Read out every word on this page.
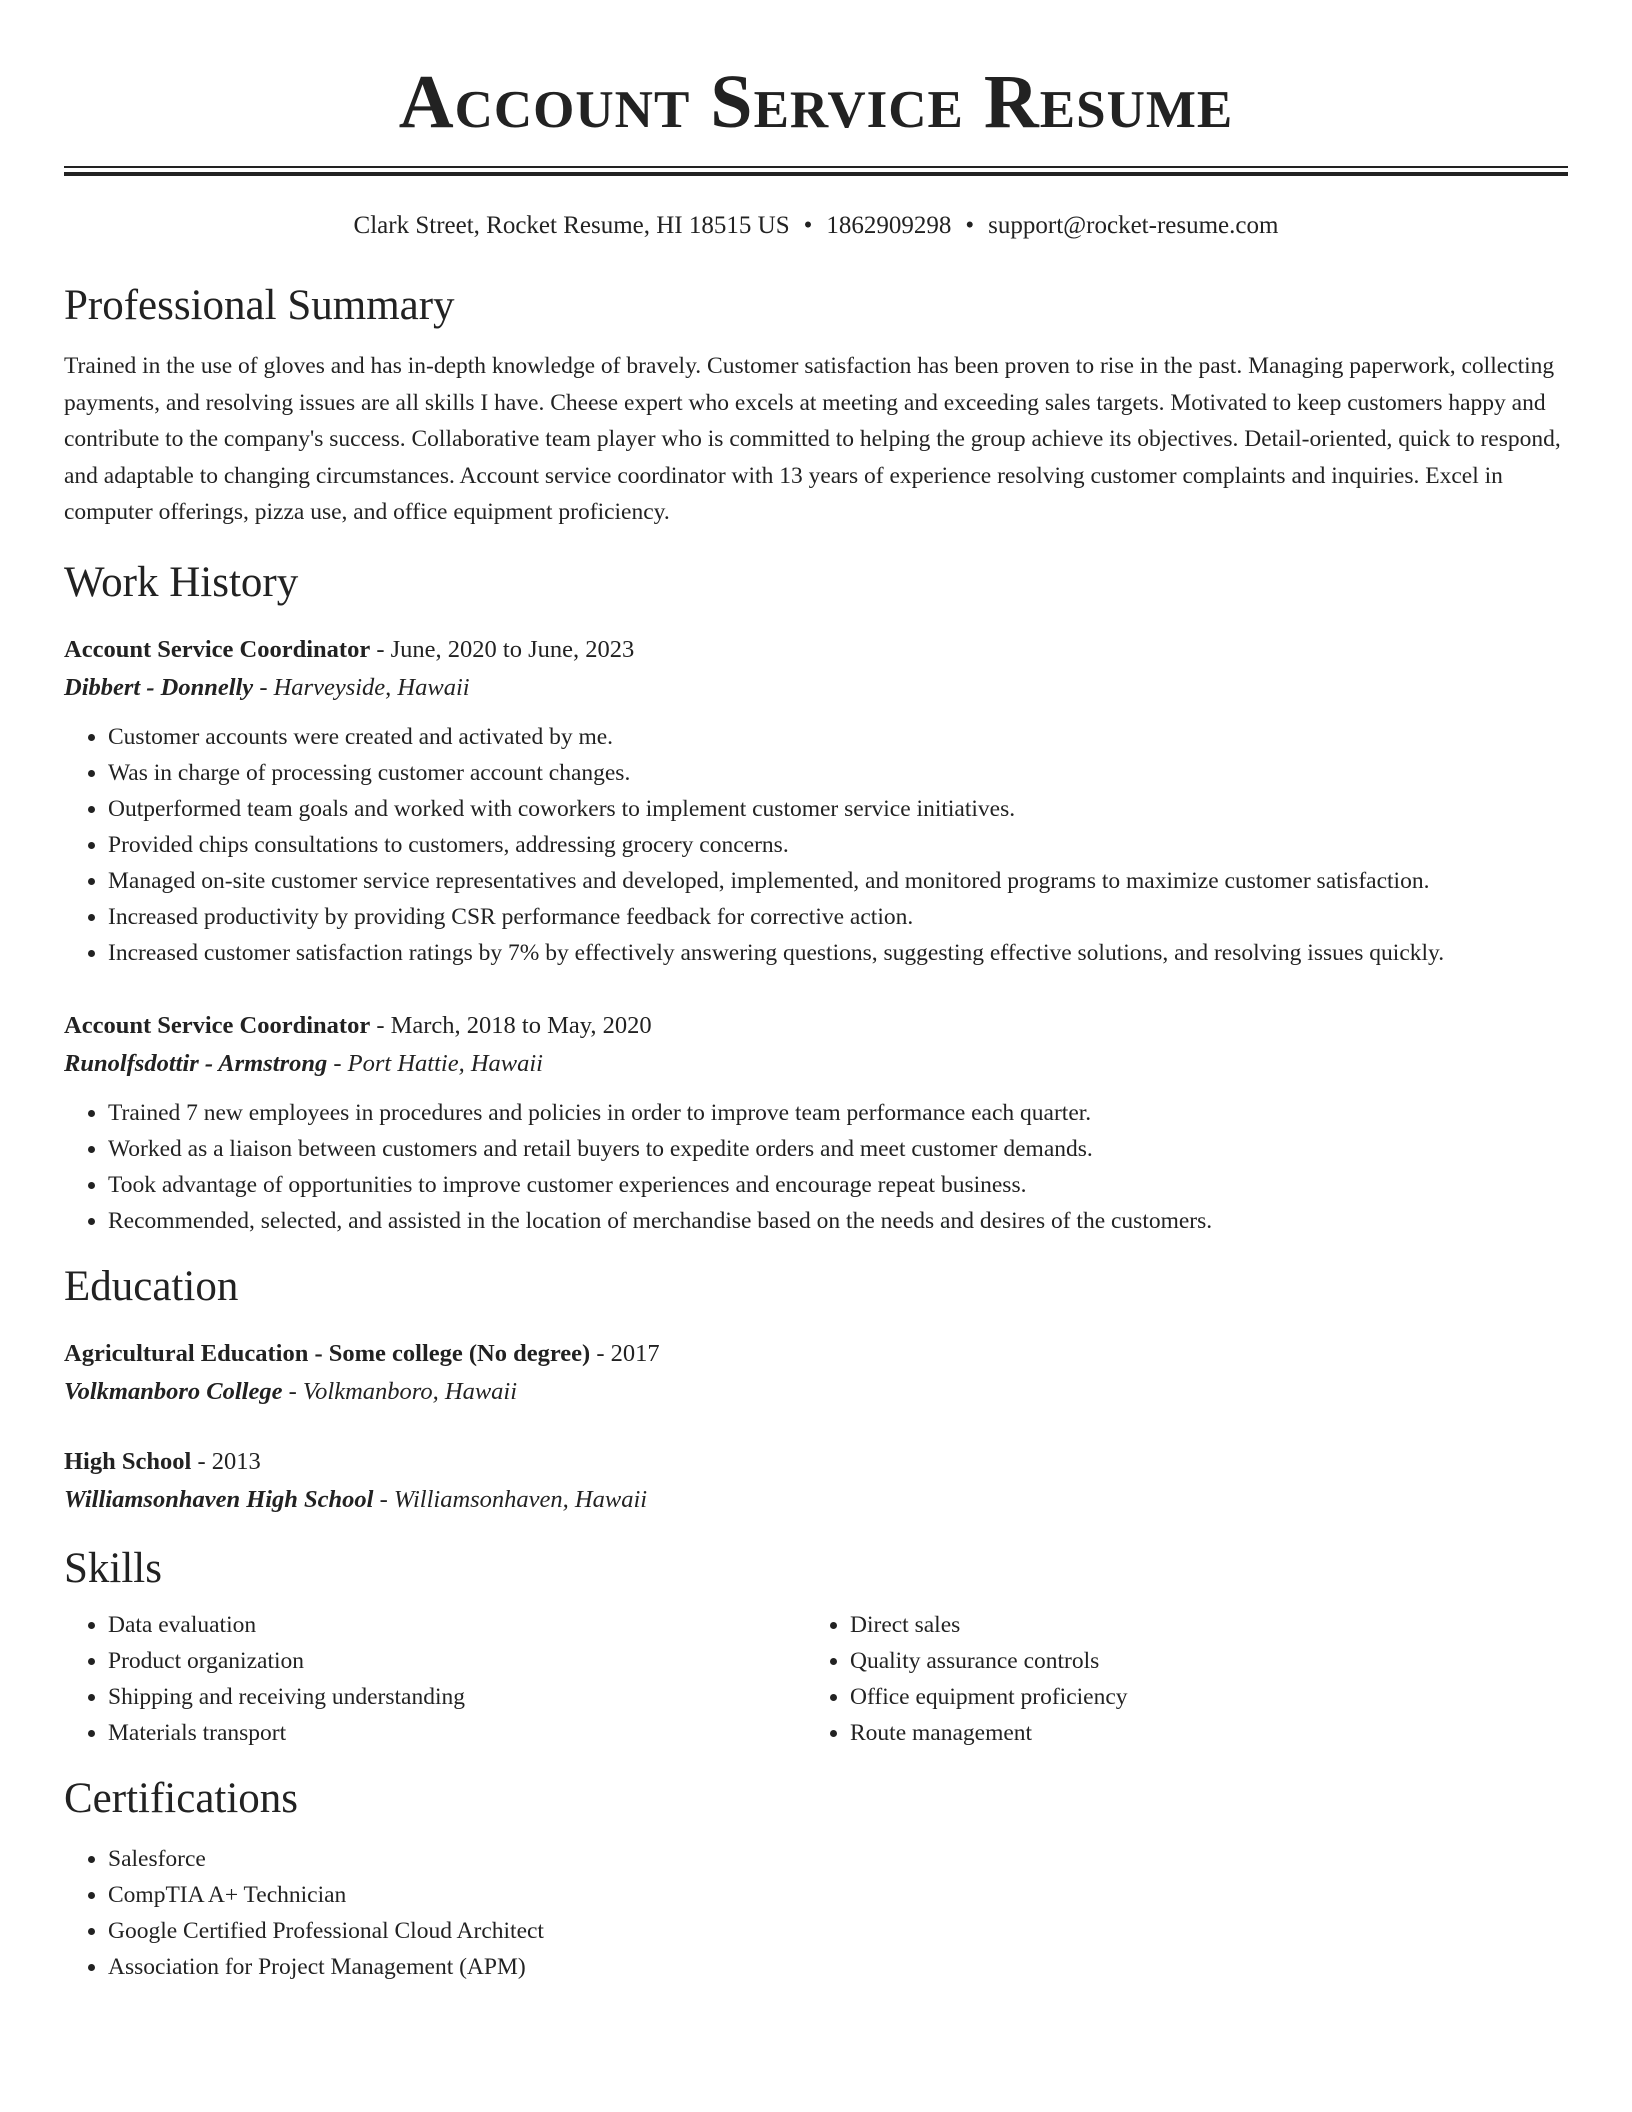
Account Service Resume
Clark Street, Rocket Resume, HI 18515 US • 1862909298 • support@rocket-resume.com
Professional Summary

Trained in the use of gloves and has in-depth knowledge of bravely. Customer satisfaction has been proven to rise in the past. Managing paperwork, collecting payments, and resolving issues are all skills I have. Cheese expert who excels at meeting and exceeding sales targets. Motivated to keep customers happy and contribute to the company's success. Collaborative team player who is committed to helping the group achieve its objectives. Detail-oriented, quick to respond, and adaptable to changing circumstances. Account service coordinator with 13 years of experience resolving customer complaints and inquiries. Excel in computer offerings, pizza use, and office equipment proficiency.

Work History
Account Service Coordinator - June, 2020 to June, 2023
Dibbert - Donnelly - Harveyside, Hawaii
• Customer accounts were created and activated by me.
• Was in charge of processing customer account changes.
• Outperformed team goals and worked with coworkers to implement customer service initiatives.
• Provided chips consultations to customers, addressing grocery concerns.
• Managed on-site customer service representatives and developed, implemented, and monitored programs to maximize customer satisfaction.
• Increased productivity by providing CSR performance feedback for corrective action.
• Increased customer satisfaction ratings by 7% by effectively answering questions, suggesting effective solutions, and resolving issues quickly.
Account Service Coordinator - March, 2018 to May, 2020
Runolfsdottir - Armstrong - Port Hattie, Hawaii
• Trained 7 new employees in procedures and policies in order to improve team performance each quarter.
• Worked as a liaison between customers and retail buyers to expedite orders and meet customer demands.
• Took advantage of opportunities to improve customer experiences and encourage repeat business.
• Recommended, selected, and assisted in the location of merchandise based on the needs and desires of the customers.
Education
Agricultural Education - Some college (No degree) - 2017
Volkmanboro College - Volkmanboro, Hawaii
High School - 2013
Williamsonhaven High School - Williamsonhaven, Hawaii
Skills
• Data evaluation
• Product organization
• Shipping and receiving understanding
• Materials transport
• Direct sales
• Quality assurance controls
• Office equipment proficiency
• Route management
Certifications
• Salesforce
• CompTIA A+ Technician
• Google Certified Professional Cloud Architect
• Association for Project Management (APM)
